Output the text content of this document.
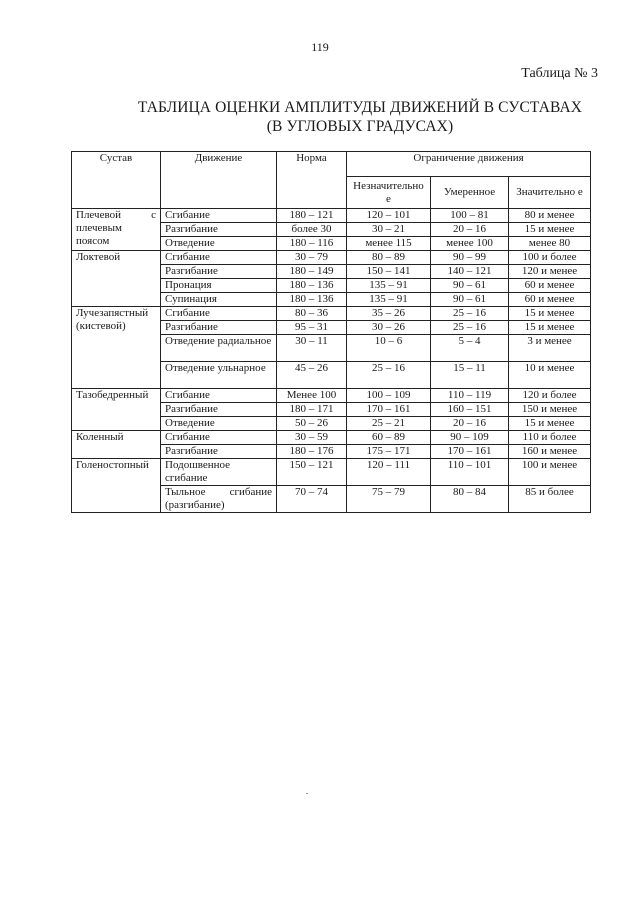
119
Таблица № 3
ТАБЛИЦА ОЦЕНКИ АМПЛИТУДЫ ДВИЖЕНИЙ В СУСТАВАХ
(В УГЛОВЫХ ГРАДУСАХ)
Сустав	Движение	Норма	Ограничение движения		
			Незначительно е	Умеренное	Значительно е
Плечевой с плечевым поясом	Сгибание	180 – 121	120 – 101	100 – 81	80 и менее
	Разгибание	более 30	30 – 21	20 – 16	15 и менее
	Отведение	180 – 116	менее 115	менее 100	менее 80
Локтевой	Сгибание	30 – 79	80 – 89	90 – 99	100 и более
	Разгибание	180 – 149	150 – 141	140 – 121	120 и менее
	Пронация	180 – 136	135 – 91	90 – 61	60 и менее
	Супинация	180 – 136	135 – 91	90 – 61	60 и менее
Лучезапястный (кистевой)	Сгибание	80 – 36	35 – 26	25 – 16	15 и менее
	Разгибание	95 – 31	30 – 26	25 – 16	15 и менее
	Отведение радиальное	30 – 11	10 – 6	5 – 4	3 и менее
	Отведение ульнарное	45 – 26	25 – 16	15 – 11	10 и менее
Тазобедренный	Сгибание	Менее 100	100 – 109	110 – 119	120 и более
	Разгибание	180 – 171	170 – 161	160 – 151	150 и менее
	Отведение	50 – 26	25 – 21	20 – 16	15 и менее
Коленный	Сгибание	30 – 59	60 – 89	90 – 109	110 и более
	Разгибание	180 – 176	175 – 171	170 – 161	160 и менее
Голеностопный	Подошвенное сгибание	150 – 121	120 – 111	110 – 101	100 и менее
	Тыльное сгибание (разгибание)	70 – 74	75 – 79	80 – 84	85 и более
